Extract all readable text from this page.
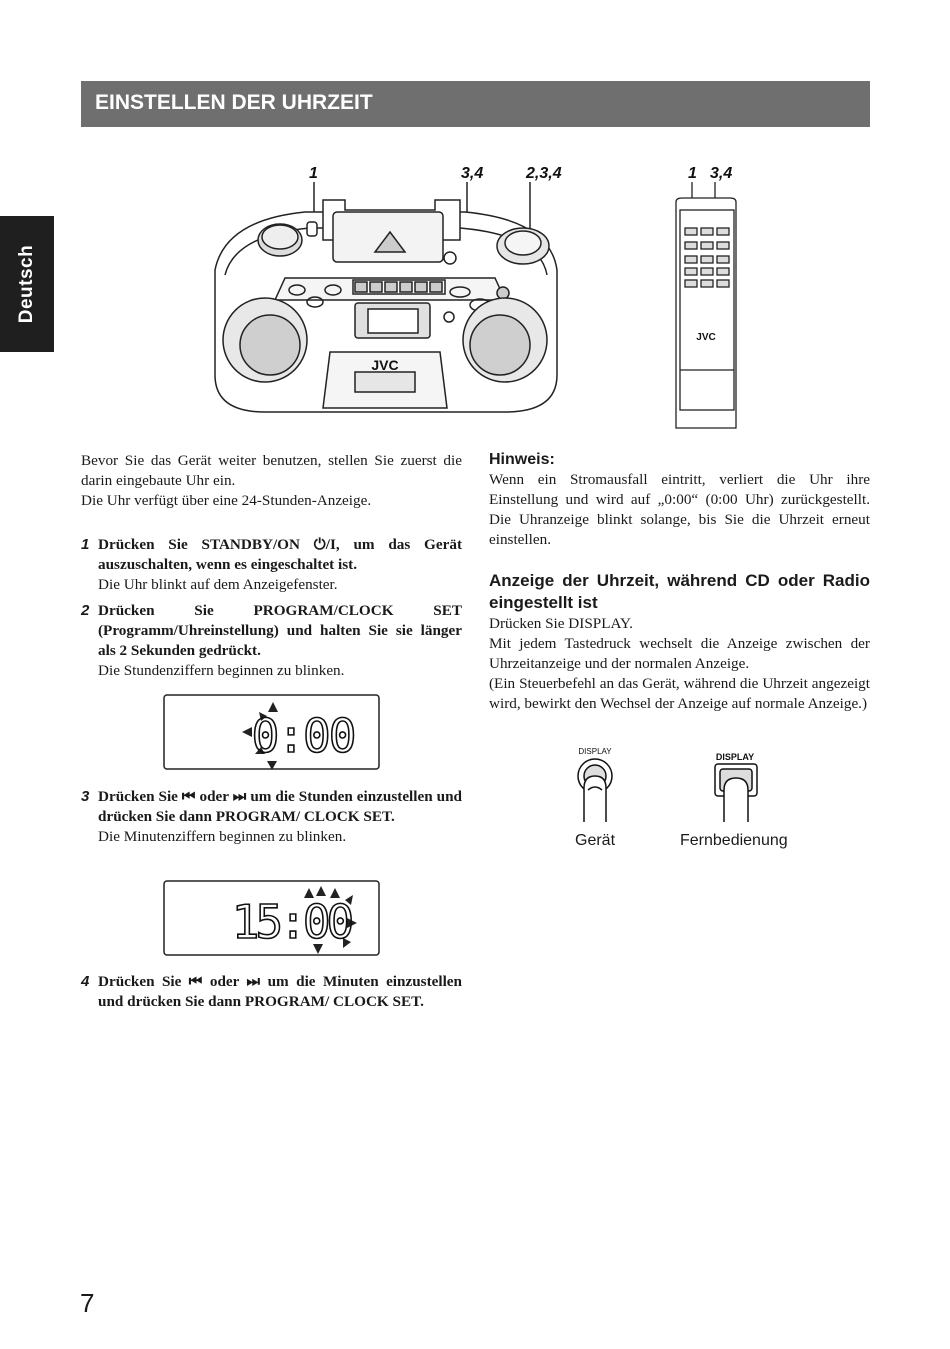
Deutsch
EINSTELLEN DER UHRZEIT
1	3,4	2,3,4	1 3,4
JVC
JVC
Bevor Sie das Gerät weiter benutzen, stellen Sie zuerst die darin eingebaute Uhr ein.
Die Uhr verfügt über eine 24-Stunden-Anzeige.
1 Drücken Sie STANDBY/ON ⏻/I, um das Gerät auszuschalten, wenn es eingeschaltet ist.
Die Uhr blinkt auf dem Anzeigefenster.
2 Drücken Sie PROGRAM/CLOCK SET (Programm/Uhreinstellung) und halten Sie sie länger als 2 Sekunden gedrückt.
Die Stundenziffern beginnen zu blinken.
0:00
3 Drücken Sie ⏮ oder ⏭ um die Stunden einzustellen und drücken Sie dann PROGRAM/ CLOCK SET.
Die Minutenziffern beginnen zu blinken.
15:00
4 Drücken Sie ⏮ oder ⏭ um die Minuten einzustellen und drücken Sie dann PROGRAM/ CLOCK SET.
Hinweis:
Wenn ein Stromausfall eintritt, verliert die Uhr ihre Einstellung und wird auf „0:00“ (0:00 Uhr) zurückgestellt. Die Uhranzeige blinkt solange, bis Sie die Uhrzeit erneut einstellen.
Anzeige der Uhrzeit, während CD oder Radio eingestellt ist
Drücken Sie DISPLAY.
Mit jedem Tastedruck wechselt die Anzeige zwischen der Uhrzeitanzeige und der normalen Anzeige.
(Ein Steuerbefehl an das Gerät, während die Uhrzeit angezeigt wird, bewirkt den Wechsel der Anzeige auf normale Anzeige.)
DISPLAY
DISPLAY
Gerät	Fernbedienung
7
